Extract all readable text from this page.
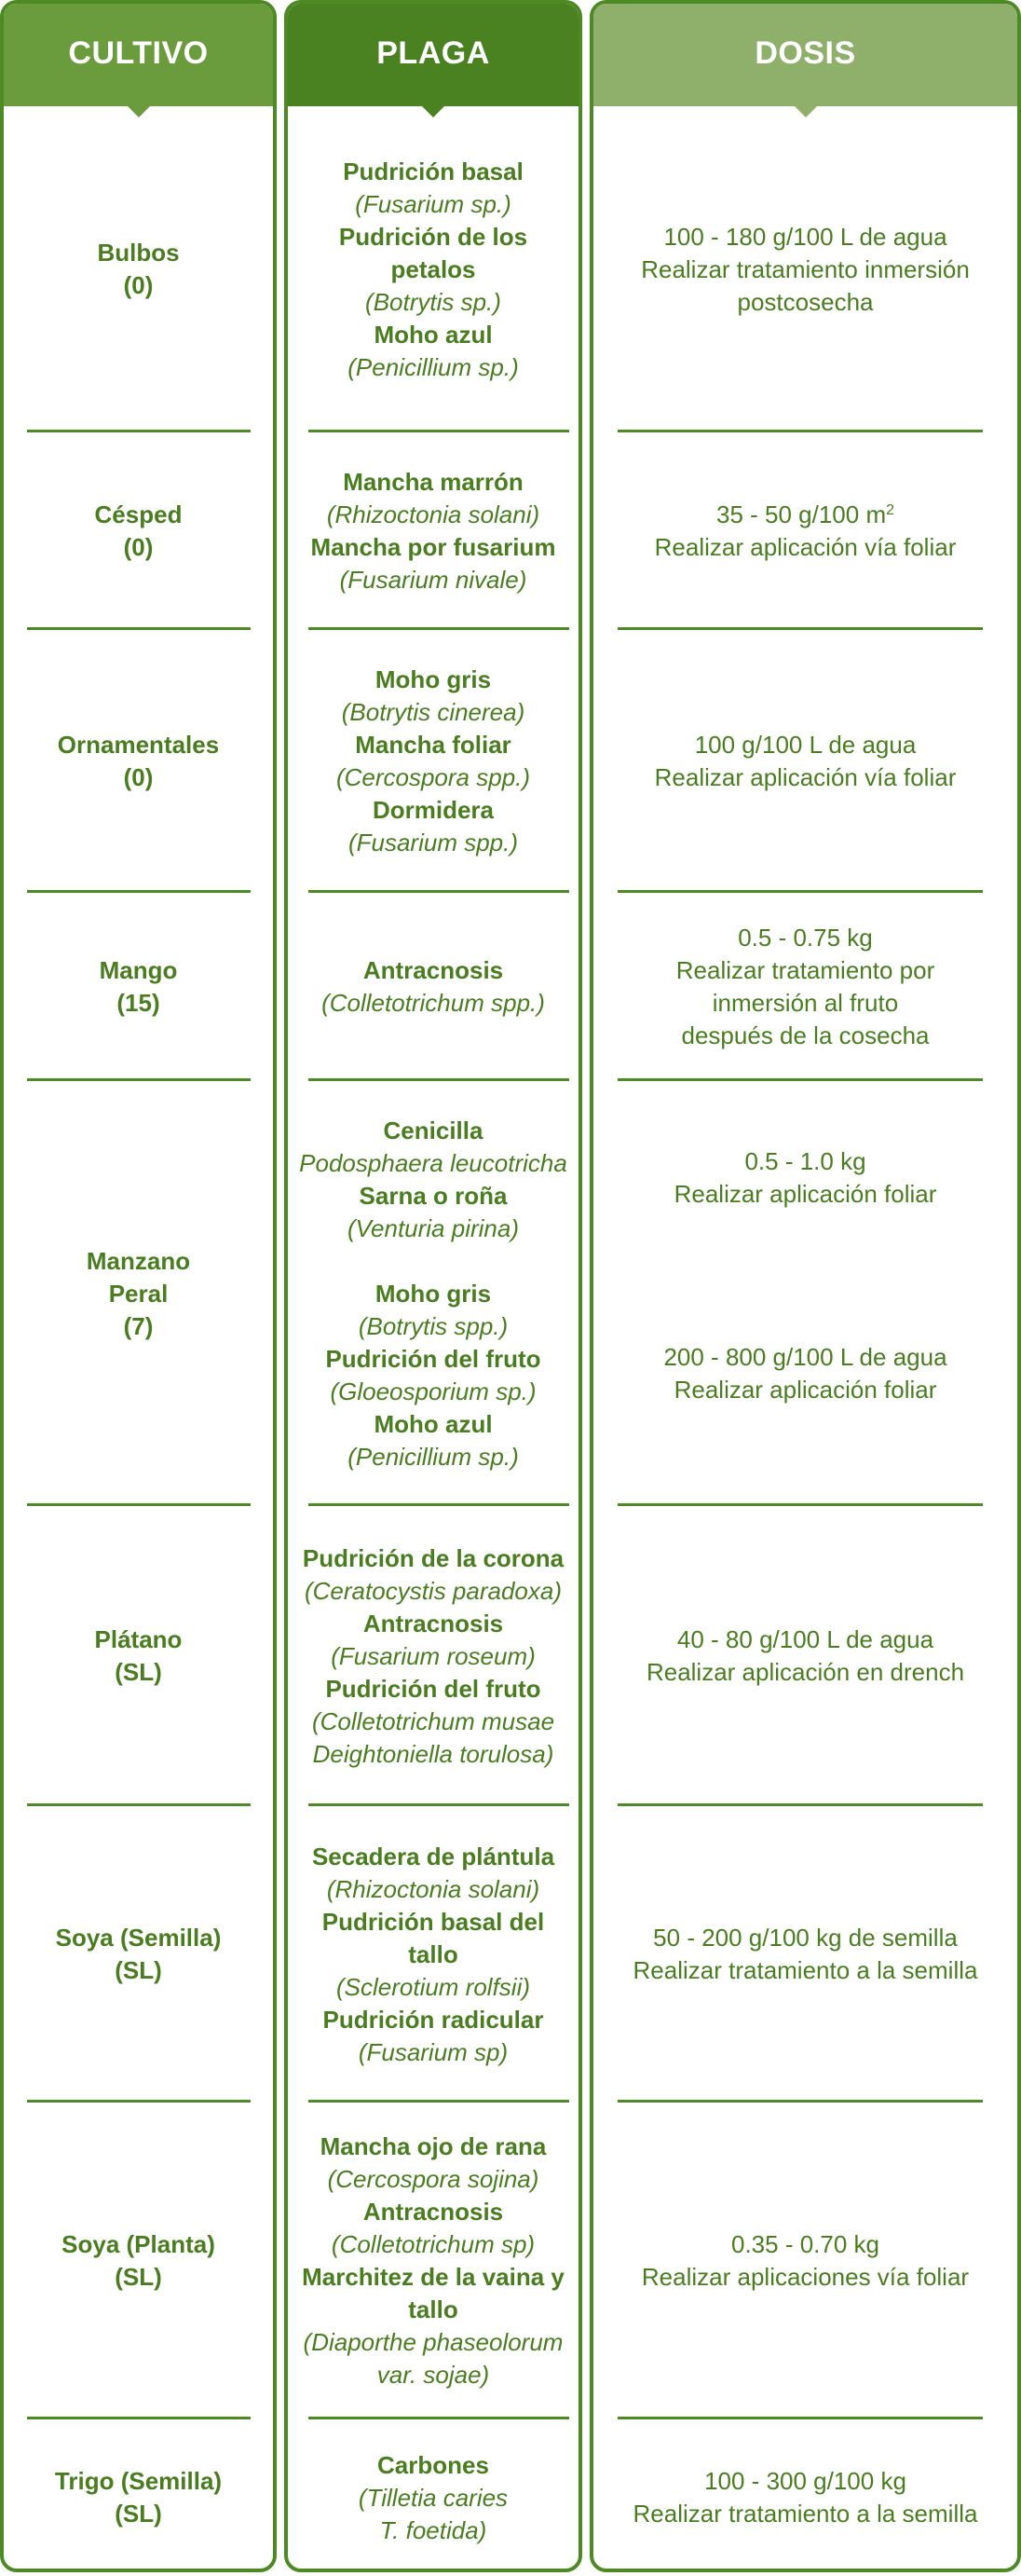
CULTIVO
Bulbos
(0)
Césped
(0)
Ornamentales
(0)
Mango
(15)
Manzano
Peral
(7)
Plátano
(SL)
Soya (Semilla)
(SL)
Soya (Planta)
(SL)
Trigo (Semilla)
(SL)
PLAGA
Pudrición basal
(Fusarium sp.)
Pudrición de los
petalos
(Botrytis sp.)
Moho azul
(Penicillium sp.)
Mancha marrón
(Rhizoctonia solani)
Mancha por fusarium
(Fusarium nivale)
Moho gris
(Botrytis cinerea)
Mancha foliar
(Cercospora spp.)
Dormidera
(Fusarium spp.)
Antracnosis
(Colletotrichum spp.)
Cenicilla
Podosphaera leucotricha
Sarna o roña
(Venturia pirina)
Moho gris
(Botrytis spp.)
Pudrición del fruto
(Gloeosporium sp.)
Moho azul
(Penicillium sp.)
Pudrición de la corona
(Ceratocystis paradoxa)
Antracnosis
(Fusarium roseum)
Pudrición del fruto
(Colletotrichum musae
Deightoniella torulosa)
Secadera de plántula
(Rhizoctonia solani)
Pudrición basal del
tallo
(Sclerotium rolfsii)
Pudrición radicular
(Fusarium sp)
Mancha ojo de rana
(Cercospora sojina)
Antracnosis
(Colletotrichum sp)
Marchitez de la vaina y
tallo
(Diaporthe phaseolorum
var. sojae)
Carbones
(Tilletia caries
T. foetida)
DOSIS
100 - 180 g/100 L de agua
Realizar tratamiento inmersión
postcosecha
35 - 50 g/100 $m^2$
Realizar aplicación vía foliar
100 g/100 L de agua
Realizar aplicación vía foliar
0.5 - 0.75 kg
Realizar tratamiento por
inmersión al fruto
después de la cosecha
0.5 - 1.0 kg
Realizar aplicación foliar
200 - 800 g/100 L de agua
Realizar aplicación foliar
40 - 80 g/100 L de agua
Realizar aplicación en drench
50 - 200 g/100 kg de semilla
Realizar tratamiento a la semilla
0.35 - 0.70 kg
Realizar aplicaciones vía foliar
100 - 300 g/100 kg
Realizar tratamiento a la semilla
